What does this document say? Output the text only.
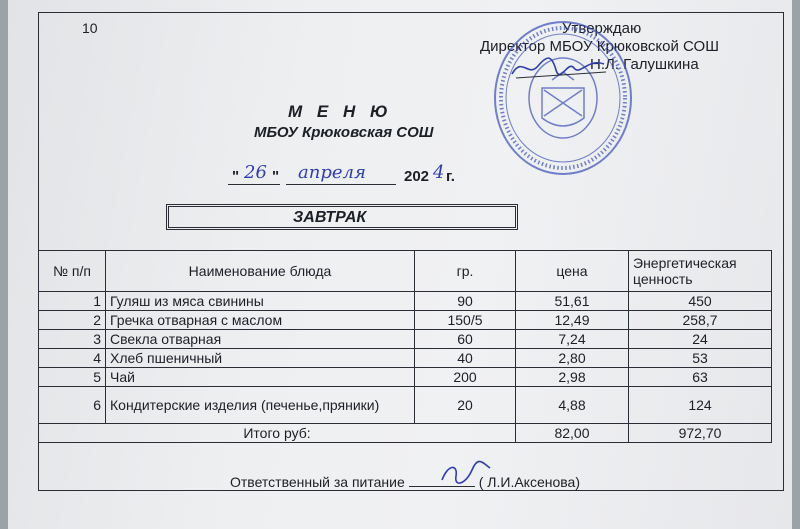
10	Утверждаю
Директор МБОУ Крюковской СОШ
Н.Л. Галушкина
М Е Н Ю
МБОУ Крюковская СОШ
" 26 " апреля	202 4 г.
ЗАВТРАК
№ п/п	Наименование блюда	гр.	цена	Энергетическая ценность
1	Гуляш из мяса свинины	90	51,61	450
2	Гречка отварная с маслом	150/5	12,49	258,7
3	Свекла отварная	60	7,24	24
4	Хлеб пшеничный	40	2,80	53
5	Чай	200	2,98	63
6	Кондитерские изделия (печенье,пряники)	20	4,88	124
Итого руб:			82,00	972,70
Ответственный за питание	( Л.И.Аксенова)
